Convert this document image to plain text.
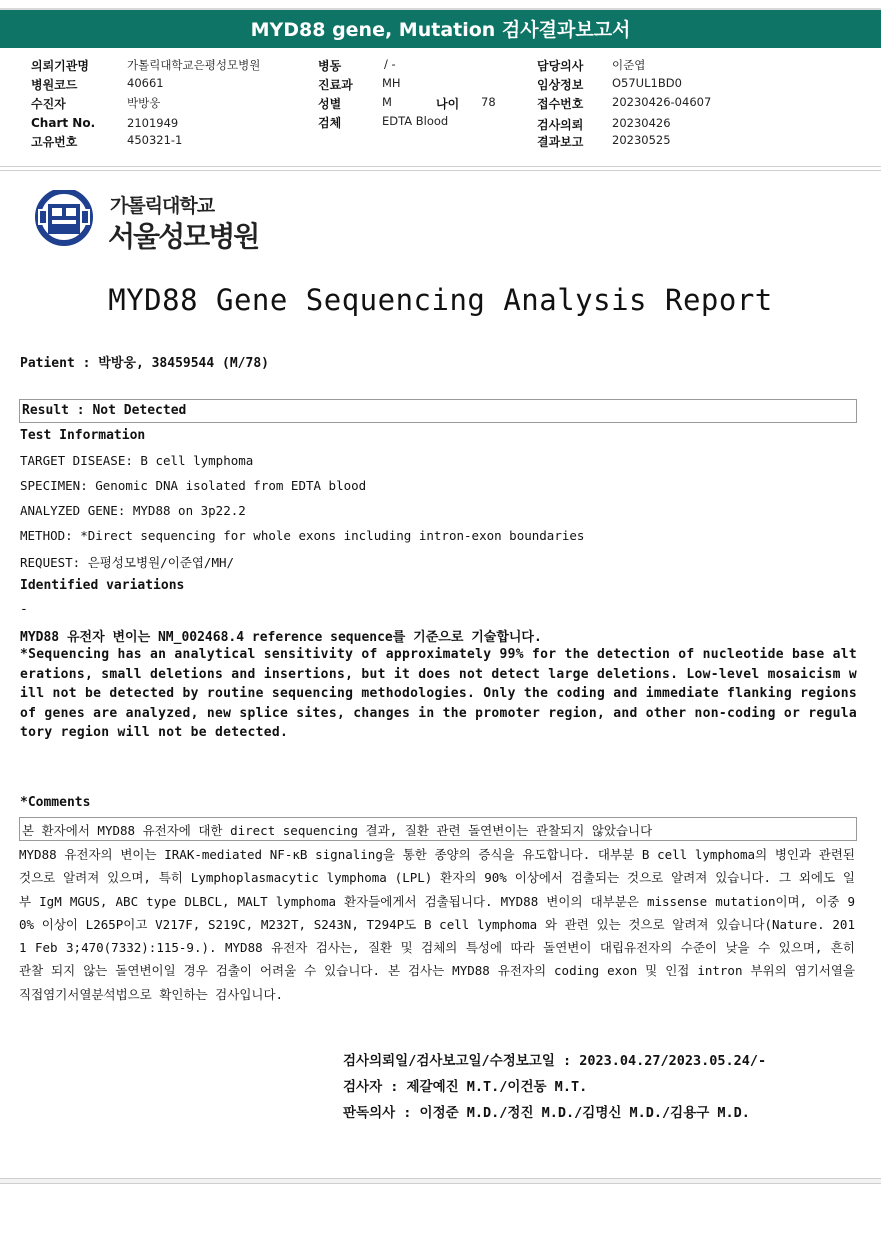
MYD88 gene, Mutation 검사결과보고서
의뢰기관명	가톨릭대학교은평성모병원
병원코드	40661
수진자	박방웅
Chart No.	2101949
고유번호	450321-1
병동	/ -
진료과	MH
성별	M	나이 78
검체	EDTA Blood
담당의사 이준엽
임상정보 O57UL1BD0
접수번호 20230426-04607
검사의뢰 20230426
결과보고 20230525
가톨릭대학교
서울성모병원
MYD88 Gene Sequencing Analysis Report
Patient : 박방웅, 38459544 (M/78)
Result : Not Detected
Test Information
TARGET DISEASE: B cell lymphoma
SPECIMEN: Genomic DNA isolated from EDTA blood
ANALYZED GENE: MYD88 on 3p22.2
METHOD: *Direct sequencing for whole exons including intron-exon boundaries
REQUEST: 은평성모병원/이준엽/MH/
Identified variations
-
MYD88 유전자 변이는 NM_002468.4 reference sequence를 기준으로 기술합니다.
*Sequencing has an analytical sensitivity of approximately 99% for the detection of nucleotide base alterations, small deletions and insertions, but it does not detect large deletions. Low-level mosaicism will not be detected by routine sequencing methodologies. Only the coding and immediate flanking regions of genes are analyzed, new splice sites, changes in the promoter region, and other non-coding or regulatory region will not be detected.
*Comments
본 환자에서 MYD88 유전자에 대한 direct sequencing 결과, 질환 관련 돌연변이는 관찰되지 않았습니다
MYD88 유전자의 변이는 IRAK-mediated NF-κB signaling을 통한 종양의 증식을 유도합니다. 대부분 B cell lymphoma의 병인과 관련된 것으로 알려져 있으며, 특히 Lymphoplasmacytic lymphoma (LPL) 환자의 90% 이상에서 검출되는 것으로 알려져 있습니다. 그 외에도 일부 IgM MGUS, ABC type DLBCL, MALT lymphoma 환자들에게서 검출됩니다. MYD88 변이의 대부분은 missense mutation이며, 이중 90% 이상이 L265P이고 V217F, S219C, M232T, S243N, T294P도 B cell lymphoma 와 관련 있는 것으로 알려져 있습니다(Nature. 2011 Feb 3;470(7332):115-9.). MYD88 유전자 검사는, 질환 및 검체의 특성에 따라 돌연변이 대립유전자의 수준이 낮을 수 있으며, 흔히 관찰 되지 않는 돌연변이일 경우 검출이 어려울 수 있습니다. 본 검사는 MYD88 유전자의 coding exon 및 인접 intron 부위의 염기서열을 직접염기서열분석법으로 확인하는 검사입니다.
검사의뢰일/검사보고일/수정보고일 : 2023.04.27/2023.05.24/-
검사자 : 제갈예진 M.T./이건동 M.T.
판독의사 : 이정준 M.D./정진 M.D./김명신 M.D./김용구 M.D.
